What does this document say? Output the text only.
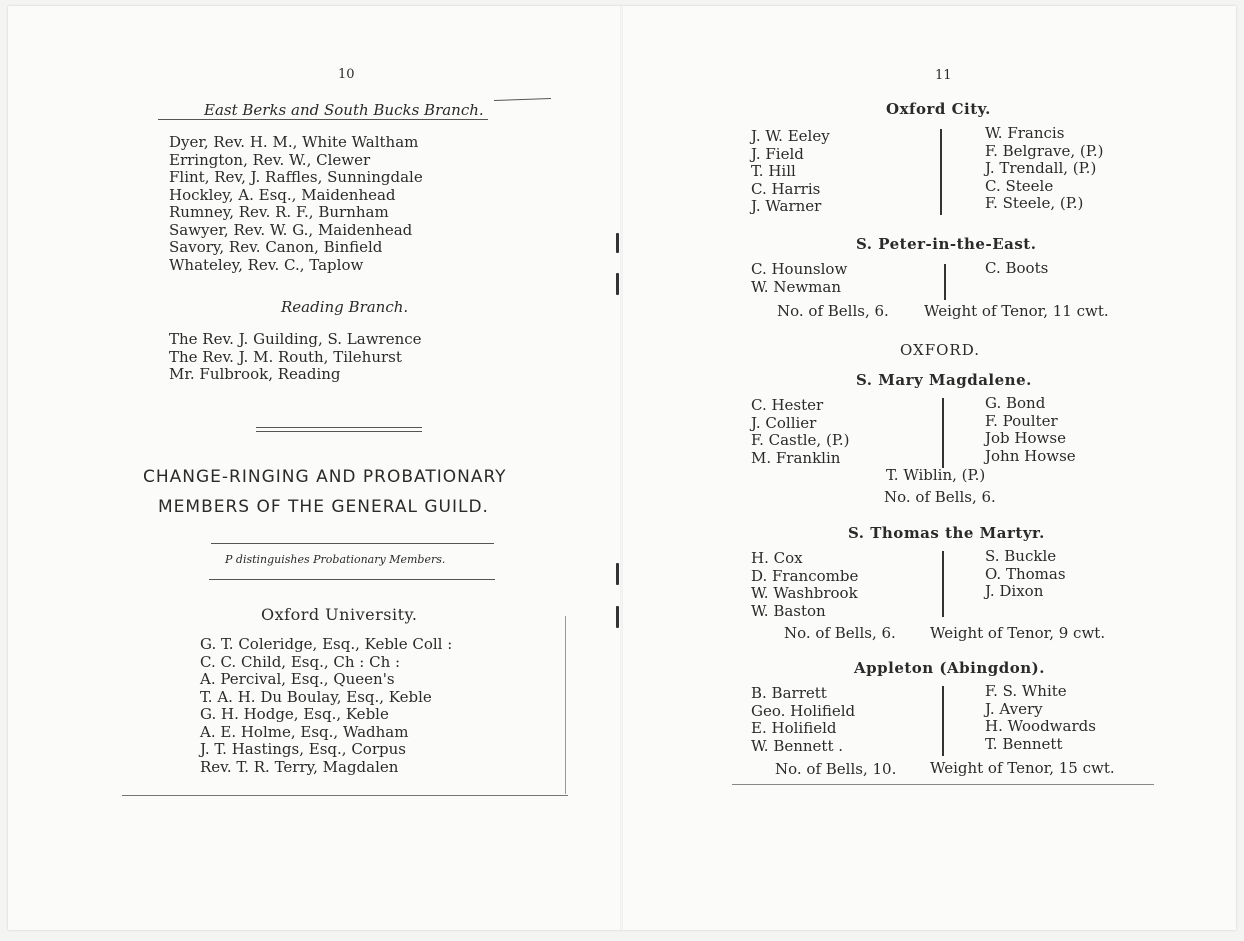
10
East Berks and South Bucks Branch.
Dyer, Rev. H. M., White Waltham
Errington, Rev. W., Clewer
Flint, Rev, J. Raffles, Sunningdale
Hockley, A. Esq., Maidenhead
Rumney, Rev. R. F., Burnham
Sawyer, Rev. W. G., Maidenhead
Savory, Rev. Canon, Binfield
Whateley, Rev. C., Taplow
Reading Branch.
The Rev. J. Guilding, S. Lawrence
The Rev. J. M. Routh, Tilehurst
Mr. Fulbrook, Reading
CHANGE-RINGING AND PROBATIONARY
MEMBERS OF THE GENERAL GUILD.
P distinguishes Probationary Members.
Oxford University.
G. T. Coleridge, Esq., Keble Coll :
C. C. Child, Esq., Ch : Ch :
A. Percival, Esq., Queen's
T. A. H. Du Boulay, Esq., Keble
G. H. Hodge, Esq., Keble
A. E. Holme, Esq., Wadham
J. T. Hastings, Esq., Corpus
Rev. T. R. Terry, Magdalen
11
Oxford City.
J. W. Eeley
J. Field
T. Hill
C. Harris
J. Warner
W. Francis
F. Belgrave, (P.)
J. Trendall, (P.)
C. Steele
F. Steele, (P.)
S. Peter-in-the-East.
C. Hounslow
W. Newman
C. Boots
No. of Bells, 6. Weight of Tenor, 11 cwt.
OXFORD.
S. Mary Magdalene.
C. Hester
J. Collier
F. Castle, (P.)
M. Franklin
G. Bond
F. Poulter
Job Howse
John Howse
T. Wiblin, (P.)
No. of Bells, 6.
S. Thomas the Martyr.
H. Cox
D. Francombe
W. Washbrook
W. Baston
S. Buckle
O. Thomas
J. Dixon
No. of Bells, 6. Weight of Tenor, 9 cwt.
Appleton (Abingdon).
B. Barrett
Geo. Holifield
E. Holifield
W. Bennett .
F. S. White
J. Avery
H. Woodwards
T. Bennett
No. of Bells, 10. Weight of Tenor, 15 cwt.
